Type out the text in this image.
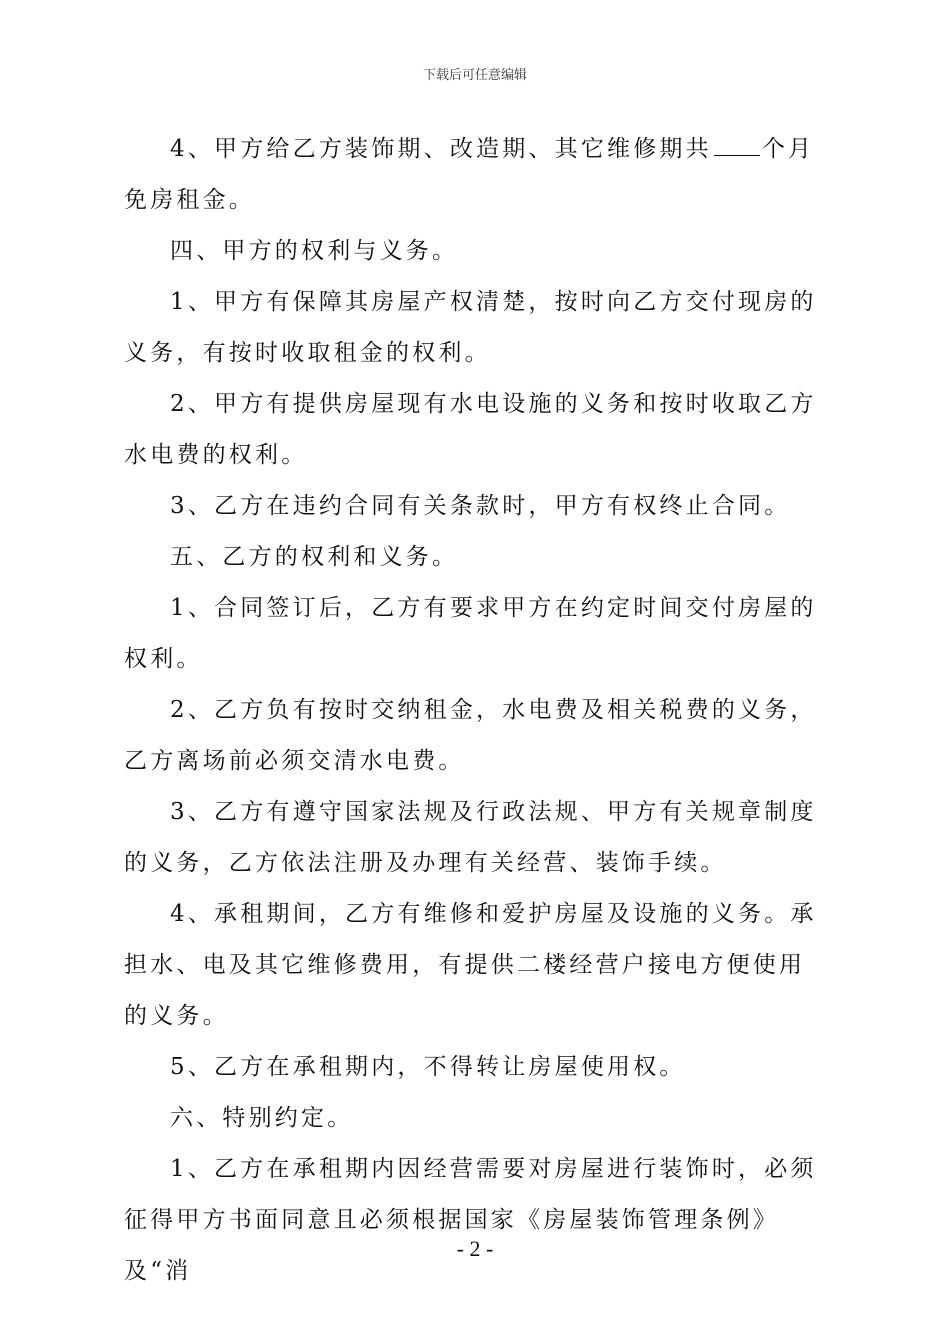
下载后可任意编辑

4、甲方给乙方装饰期、改造期、其它维修期共 个月免房租金。

四、甲方的权利与义务。

1、甲方有保障其房屋产权清楚，按时向乙方交付现房的义务，有按时收取租金的权利。

2、甲方有提供房屋现有水电设施的义务和按时收取乙方水电费的权利。

3、乙方在违约合同有关条款时，甲方有权终止合同。

五、乙方的权利和义务。

1、合同签订后，乙方有要求甲方在约定时间交付房屋的权利。

2、乙方负有按时交纳租金，水电费及相关税费的义务，乙方离场前必须交清水电费。

3、乙方有遵守国家法规及行政法规、甲方有关规章制度的义务，乙方依法注册及办理有关经营、装饰手续。

4、承租期间，乙方有维修和爱护房屋及设施的义务。承担水、电及其它维修费用，有提供二楼经营户接电方便使用的义务。

5、乙方在承租期内，不得转让房屋使用权。

六、特别约定。

1、乙方在承租期内因经营需要对房屋进行装饰时，必须征得甲方书面同意且必须根据国家《房屋装饰管理条例》及“消

- 2 -
